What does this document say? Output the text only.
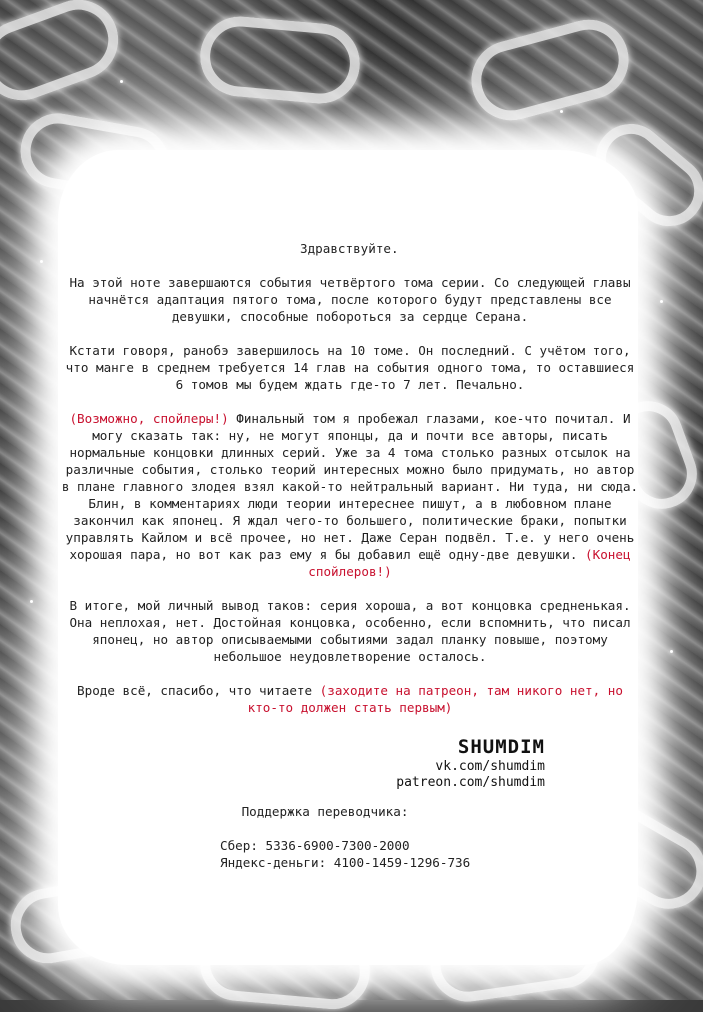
Здравствуйте.

На этой ноте завершаются события четвёртого тома серии. Со следующей главы начнётся адаптация пятого тома, после которого будут представлены все девушки, способные побороться за сердце Серана.

Кстати говоря, ранобэ завершилось на 10 томе. Он последний. С учётом того, что манге в среднем требуется 14 глав на события одного тома, то оставшиеся 6 томов мы будем ждать где-то 7 лет. Печально.

(Возможно, спойлеры!) Финальный том я пробежал глазами, кое-что почитал. И могу сказать так: ну, не могут японцы, да и почти все авторы, писать нормальные концовки длинных серий. Уже за 4 тома столько разных отсылок на различные события, столько теорий интересных можно было придумать, но автор в плане главного злодея взял какой-то нейтральный вариант. Ни туда, ни сюда. Блин, в комментариях люди теории интереснее пишут, а в любовном плане закончил как японец. Я ждал чего-то большего, политические браки, попытки управлять Кайлом и всё прочее, но нет. Даже Серан подвёл. Т.е. у него очень хорошая пара, но вот как раз ему я бы добавил ещё одну-две девушки. (Конец спойлеров!)

В итоге, мой личный вывод таков: серия хороша, а вот концовка средненькая. Она неплохая, нет. Достойная концовка, особенно, если вспомнить, что писал японец, но автор описываемыми событиями задал планку повыше, поэтому небольшое неудовлетворение осталось.

Вроде всё, спасибо, что читаете (заходите на патреон, там никого нет, но кто-то должен стать первым)

SHUMDIM
vk.com/shumdim
patreon.com/shumdim
Поддержка переводчика:
Сбер: 5336-6900-7300-2000
Яндекс-деньги: 4100-1459-1296-736
